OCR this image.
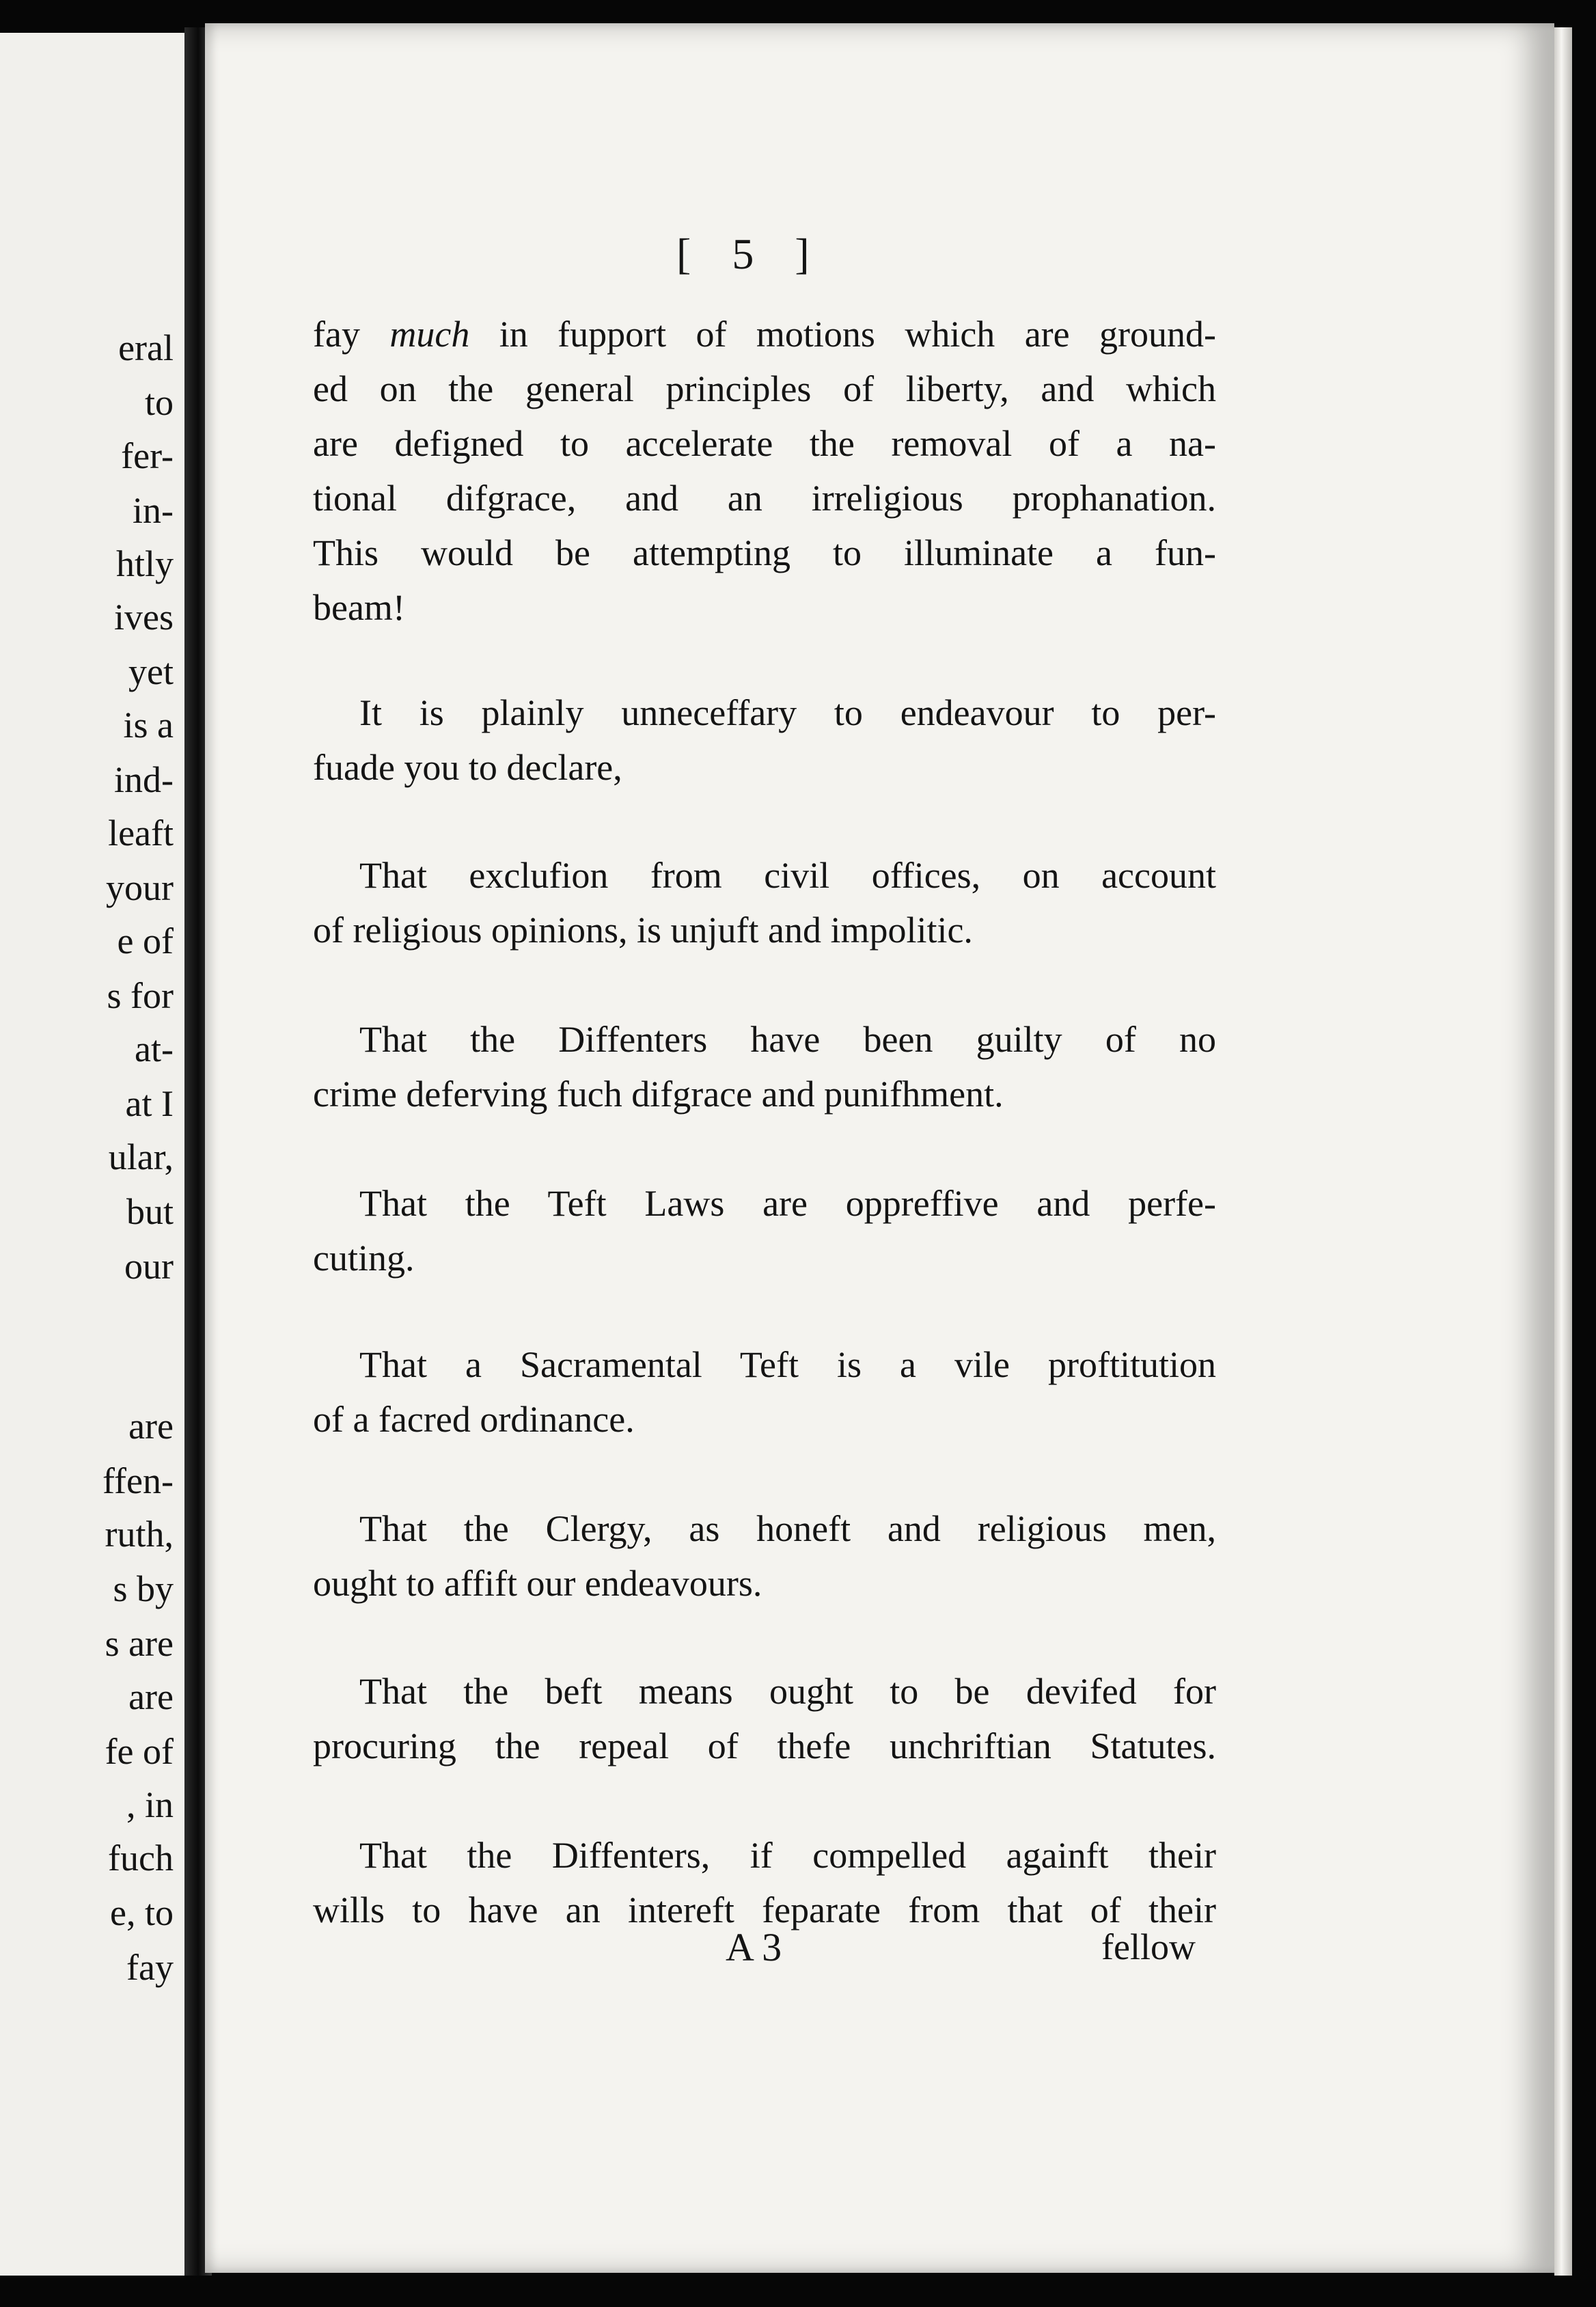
eral
to
fer-
in-
htly
ives
yet
is a
ind-
leaft
your
e of
s for
at-
at I
ular,
but
our
are
ffen-
ruth,
s by
s are
are
fe of
, in
fuch
e, to
fay
[ 5 ]
fay much in fupport of motions which are ground-
ed on the general principles of liberty, and which
are defigned to accelerate the removal of a na-
tional difgrace, and an irreligious prophanation.
This would be attempting to illuminate a fun-
beam!
It is plainly unneceffary to endeavour to per-
fuade you to declare,
That exclufion from civil offices, on account
of religious opinions, is unjuft and impolitic.
That the Diffenters have been guilty of no
crime deferving fuch difgrace and punifhment.
That the Teft Laws are oppreffive and perfe-
cuting.
That a Sacramental Teft is a vile proftitution
of a facred ordinance.
That the Clergy, as honeft and religious men,
ought to affift our endeavours.
That the beft means ought to be devifed for
procuring the repeal of thefe unchriftian Statutes.
That the Diffenters, if compelled againft their
wills to have an intereft feparate from that of their
A 3	fellow
